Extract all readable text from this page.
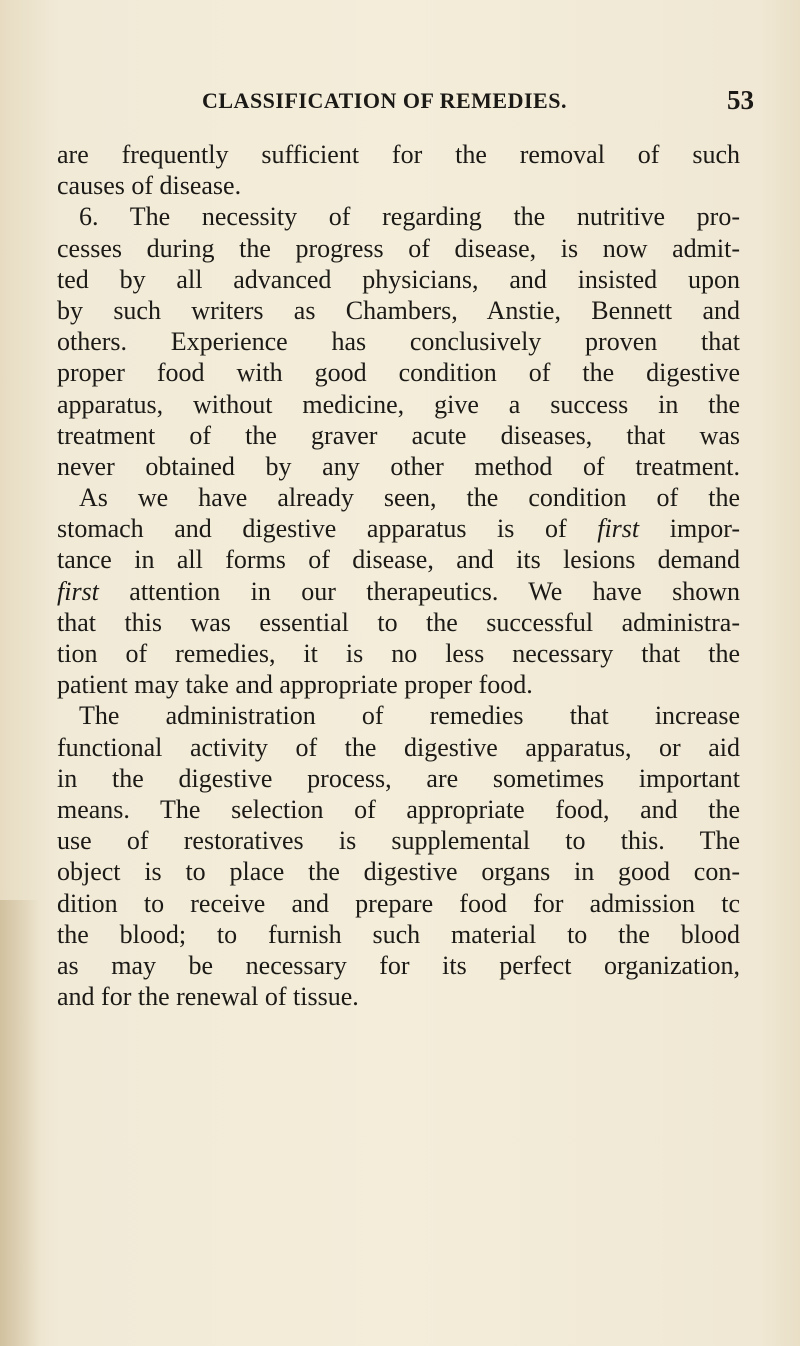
CLASSIFICATION OF REMEDIES.	53
are frequently sufficient for the removal of such
causes of disease.
6. The necessity of regarding the nutritive pro-
cesses during the progress of disease, is now admit-
ted by all advanced physicians, and insisted upon
by such writers as Chambers, Anstie, Bennett and
others. Experience has conclusively proven that
proper food with good condition of the digestive
apparatus, without medicine, give a success in the
treatment of the graver acute diseases, that was
never obtained by any other method of treatment.
As we have already seen, the condition of the
stomach and digestive apparatus is of first impor-
tance in all forms of disease, and its lesions demand
first attention in our therapeutics. We have shown
that this was essential to the successful administra-
tion of remedies, it is no less necessary that the
patient may take and appropriate proper food.
The administration of remedies that increase
functional activity of the digestive apparatus, or aid
in the digestive process, are sometimes important
means. The selection of appropriate food, and the
use of restoratives is supplemental to this. The
object is to place the digestive organs in good con-
dition to receive and prepare food for admission tc
the blood; to furnish such material to the blood
as may be necessary for its perfect organization,
and for the renewal of tissue.
